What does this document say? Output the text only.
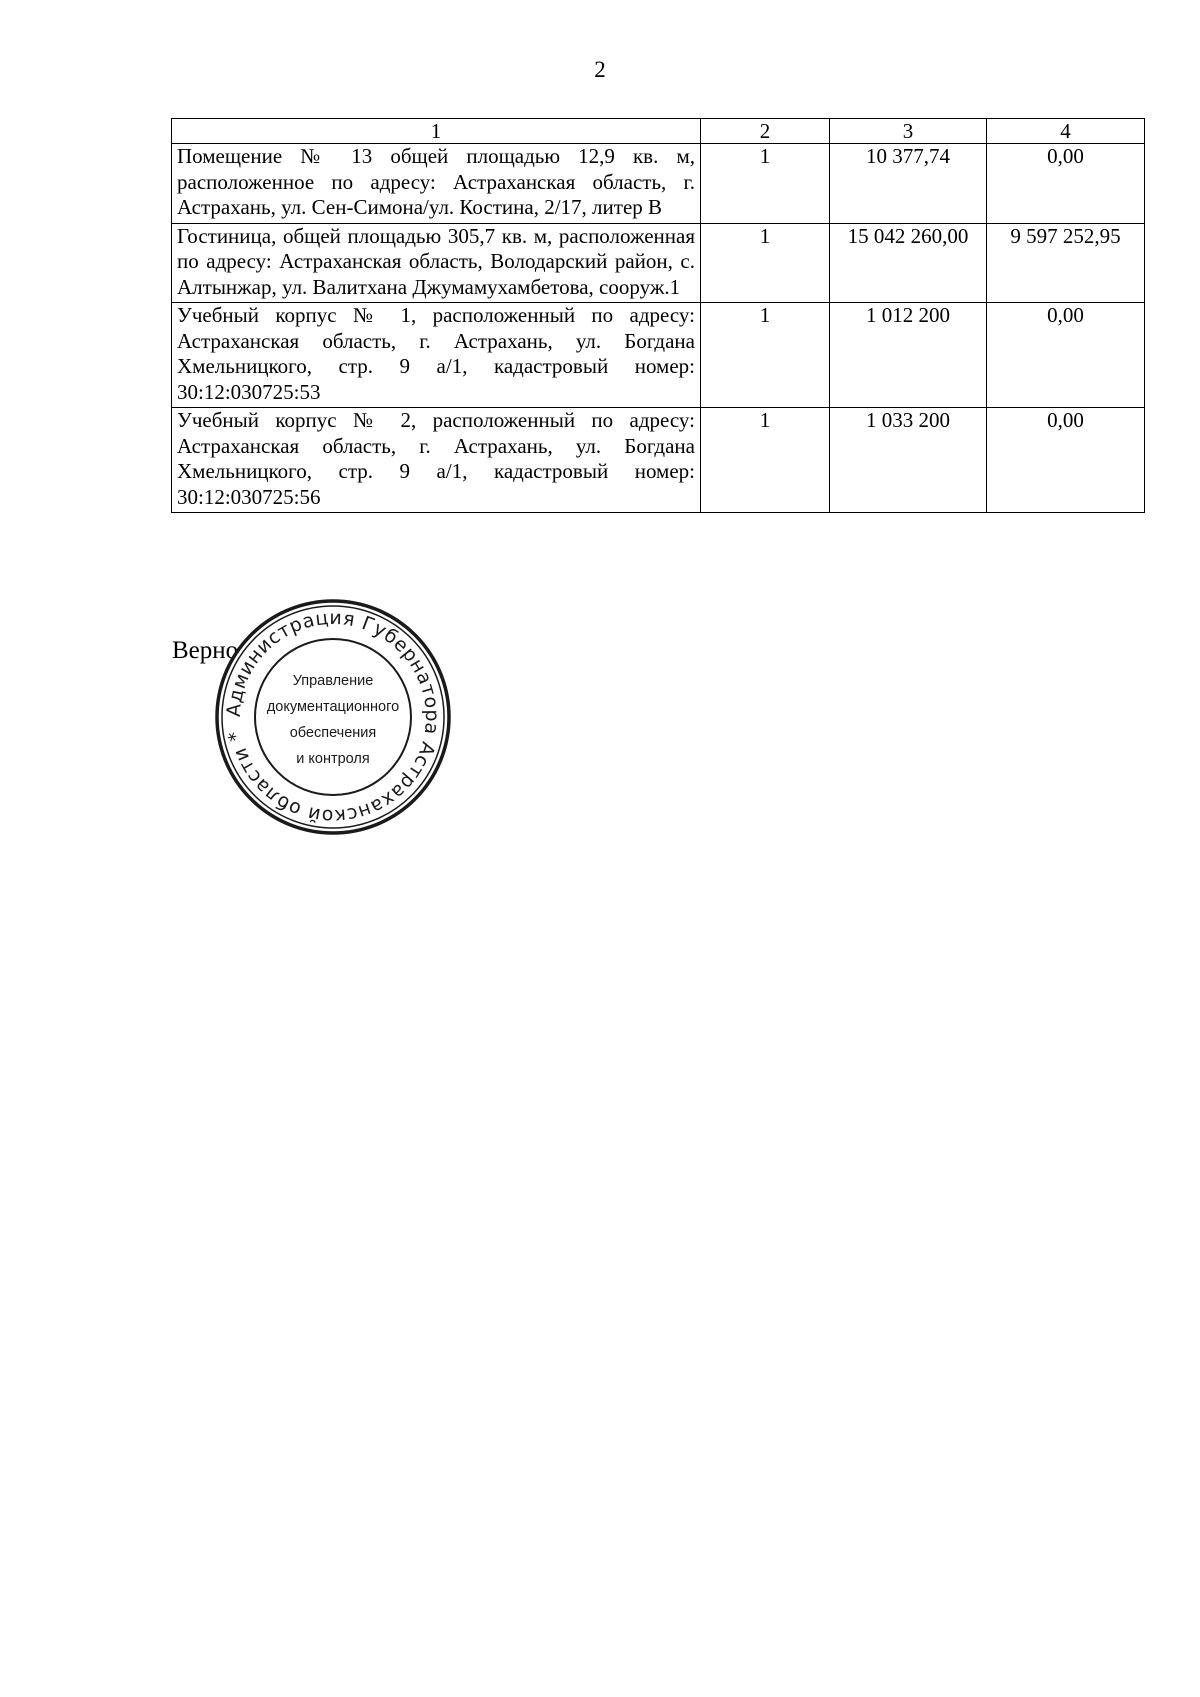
2
1	2	3	4
Помещение № 13 общей площадью 12,9 кв. м, расположенное по адресу: Астраханская область, г. Астрахань, ул. Сен-Симона/ул. Костина, 2/17, литер В	1	10 377,74	0,00
Гостиница, общей площадью 305,7 кв. м, расположенная по адресу: Астраханская область, Володарский район, с. Алтынжар, ул. Валитхана Джумамухамбетова, сооруж.1	1	15 042 260,00	9 597 252,95
Учебный корпус № 1, расположенный по адресу: Астраханская область, г. Астрахань, ул. Богдана Хмельницкого, стр. 9 а/1, кадастровый номер: 30:12:030725:53	1	1 012 200	0,00
Учебный корпус № 2, расположенный по адресу: Астраханская область, г. Астрахань, ул. Богдана Хмельницкого, стр. 9 а/1, кадастровый номер: 30:12:030725:56	1	1 033 200	0,00
Верно
Администрация Губернатора Астраханской области *
Управление
документационного
обеспечения
и контроля
